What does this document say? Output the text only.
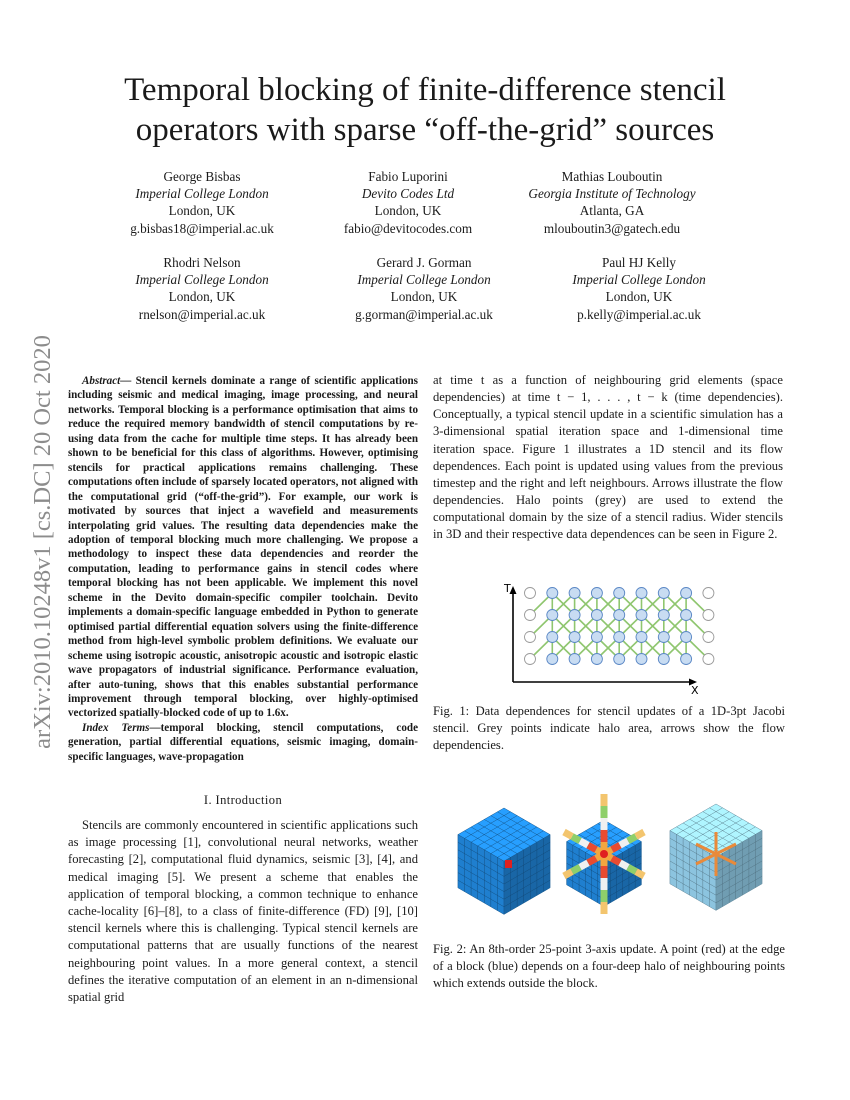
Temporal blocking of finite-difference stencil operators with sparse “off-the-grid” sources
George Bisbas
Imperial College London
London, UK
g.bisbas18@imperial.ac.uk
Fabio Luporini
Devito Codes Ltd
London, UK
fabio@devitocodes.com
Mathias Louboutin
Georgia Institute of Technology
Atlanta, GA
mlouboutin3@gatech.edu
Rhodri Nelson
Imperial College London
London, UK
rnelson@imperial.ac.uk
Gerard J. Gorman
Imperial College London
London, UK
g.gorman@imperial.ac.uk
Paul HJ Kelly
Imperial College London
London, UK
p.kelly@imperial.ac.uk
arXiv:2010.10248v1 [cs.DC] 20 Oct 2020	Abstract— Stencil kernels dominate a range of scientific applications including seismic and medical imaging, image processing, and neural networks. Temporal blocking is a performance optimisation that aims to reduce the required memory bandwidth of stencil computations by re-using data from the cache for multiple time steps. It has already been shown to be beneficial for this class of algorithms. However, optimising stencils for practical applications remains challenging. These computations often include of sparsely located operators, not aligned with the computational grid (“off-the-grid”). For example, our work is motivated by sources that inject a wavefield and measurements interpolating grid values. The resulting data dependencies make the adoption of temporal blocking much more challenging. We propose a methodology to inspect these data dependencies and reorder the computation, leading to performance gains in stencil codes where temporal blocking has not been applicable. We implement this novel scheme in the Devito domain-specific compiler toolchain. Devito implements a domain-specific language embedded in Python to generate optimised partial differential equation solvers using the finite-difference method from high-level symbolic problem definitions. We evaluate our scheme using isotropic acoustic, anisotropic acoustic and isotropic elastic wave propagators of industrial significance. Performance evaluation, after auto-tuning, shows that this enables substantial performance improvement through temporal blocking, over highly-optimised vectorized spatially-blocked code of up to 1.6x.

Index Terms—temporal blocking, stencil computations, code generation, partial differential equations, seismic imaging, domain-specific languages, wave-propagation

I. Introduction
Stencils are commonly encountered in scientific applications such as image processing [1], convolutional neural networks, weather forecasting [2], computational fluid dynamics, seismic [3], [4], and medical imaging [5]. We present a scheme that enables the application of temporal blocking, a common technique to enhance cache-locality [6]–[8], to a class of finite-difference (FD) [9], [10] stencil kernels where this is challenging. Typical stencil kernels are computational patterns that are usually functions of the nearest neighbouring point values. In a more general context, a stencil defines the iterative computation of an element in an n-dimensional spatial grid
at time t as a function of neighbouring grid elements (space dependencies) at time t − 1, . . . , t − k (time dependencies). Conceptually, a typical stencil update in a scientific simulation has a 3-dimensional spatial iteration space and 1-dimensional time iteration space. Figure 1 illustrates a 1D stencil and its flow dependences. Each point is updated using values from the previous timestep and the right and left neighbours. Arrows illustrate the flow dependencies. Halo points (grey) are used to extend the computational domain by the size of a stencil radius. Wider stencils in 3D and their respective data dependences can be seen in Figure 2.
T
X
Fig. 1: Data dependences for stencil updates of a 1D-3pt Jacobi stencil. Grey points indicate halo area, arrows show the flow dependencies.
Fig. 2: An 8th-order 25-point 3-axis update. A point (red) at the edge of a block (blue) depends on a four-deep halo of neighbouring points which extends outside the block.
